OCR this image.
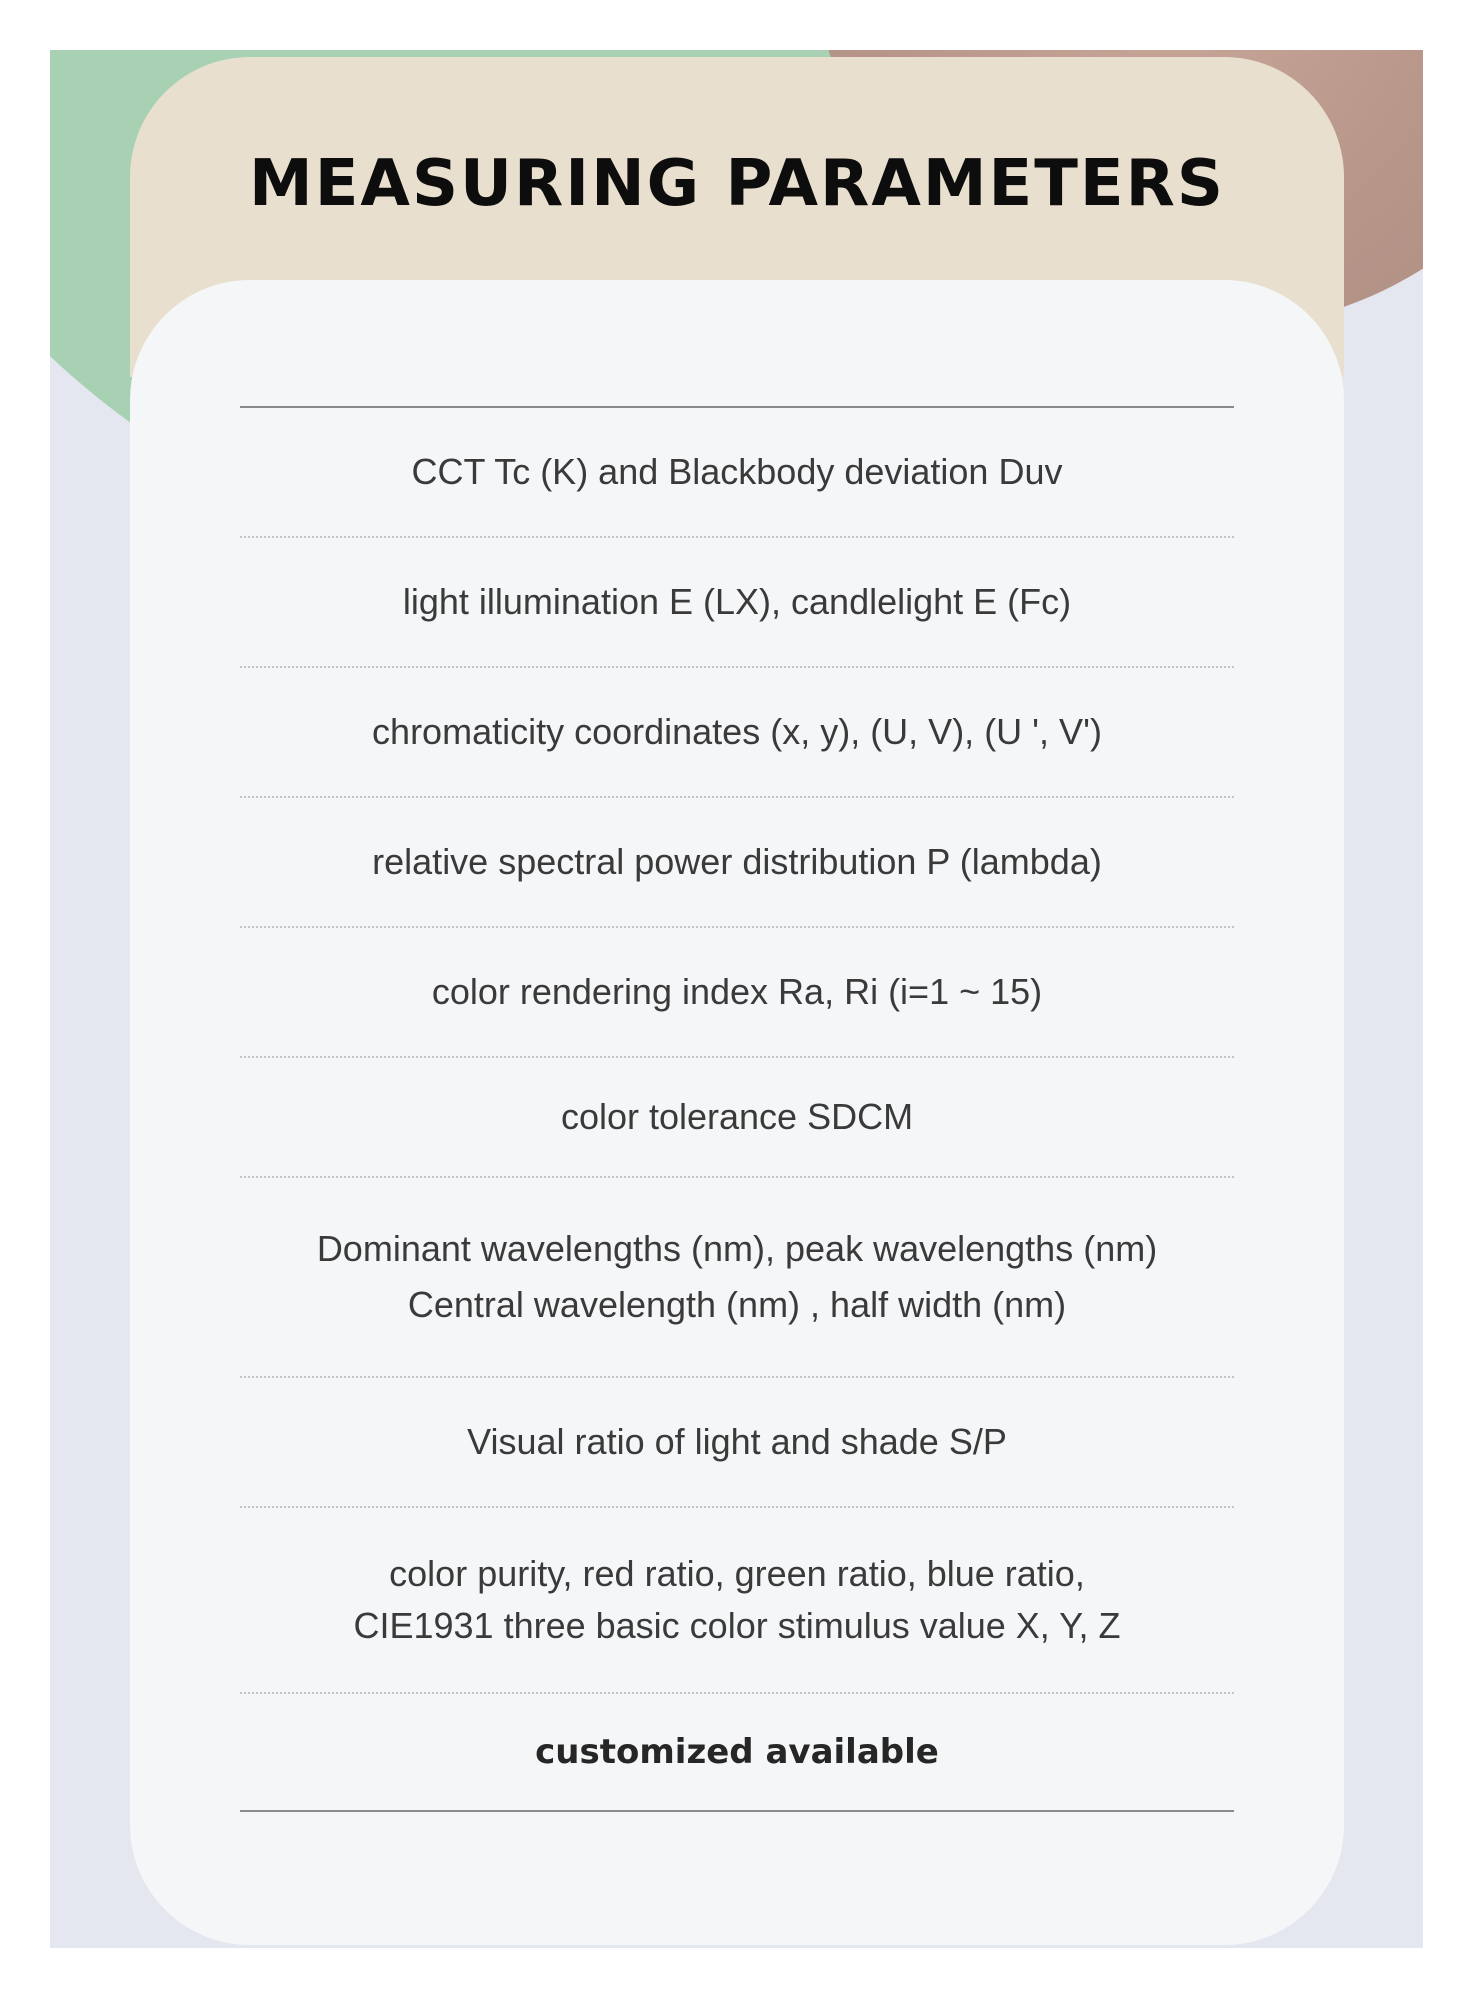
MEASURING PARAMETERS
CCT Tc (K) and Blackbody deviation Duv
light illumination E (LX), candlelight E (Fc)
chromaticity coordinates (x, y), (U, V), (U ', V')
relative spectral power distribution P (lambda)
color rendering index Ra, Ri (i=1 ~ 15)
color tolerance SDCM
Dominant wavelengths (nm), peak wavelengths (nm)
Central wavelength (nm) , half width (nm)
Visual ratio of light and shade S/P
color purity, red ratio, green ratio, blue ratio,
CIE1931 three basic color stimulus value X, Y, Z
customized available
